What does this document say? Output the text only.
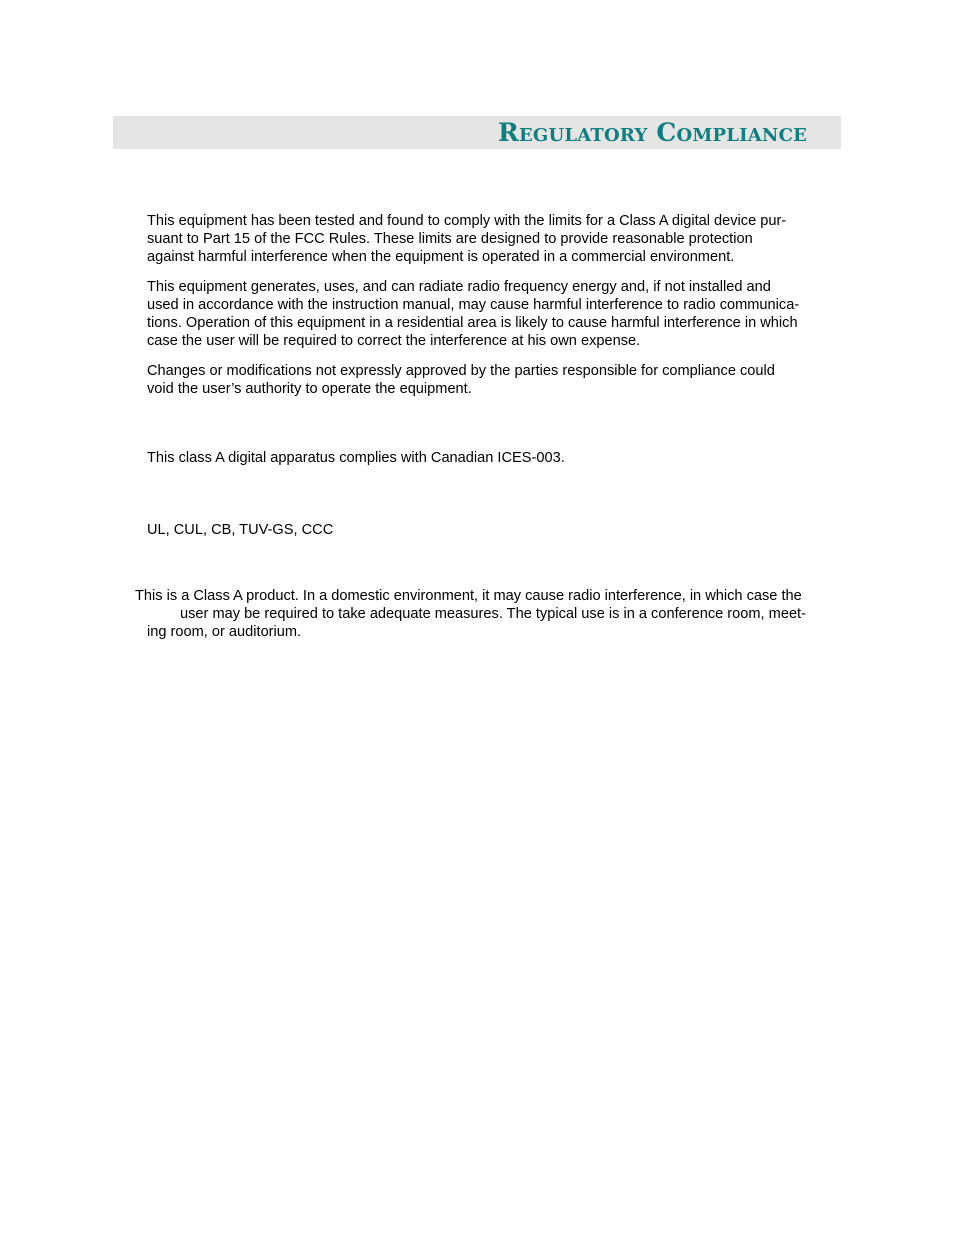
Regulatory Compliance
This equipment has been tested and found to comply with the limits for a Class A digital device pur-
suant to Part 15 of the FCC Rules. These limits are designed to provide reasonable protection
against harmful interference when the equipment is operated in a commercial environment.
This equipment generates, uses, and can radiate radio frequency energy and, if not installed and
used in accordance with the instruction manual, may cause harmful interference to radio communica-
tions. Operation of this equipment in a residential area is likely to cause harmful interference in which
case the user will be required to correct the interference at his own expense.
Changes or modifications not expressly approved by the parties responsible for compliance could
void the user’s authority to operate the equipment.
This class A digital apparatus complies with Canadian ICES-003.
UL, CUL, CB, TUV-GS, CCC
This is a Class A product. In a domestic environment, it may cause radio interference, in which case the
user may be required to take adequate measures. The typical use is in a conference room, meet-
ing room, or auditorium.
